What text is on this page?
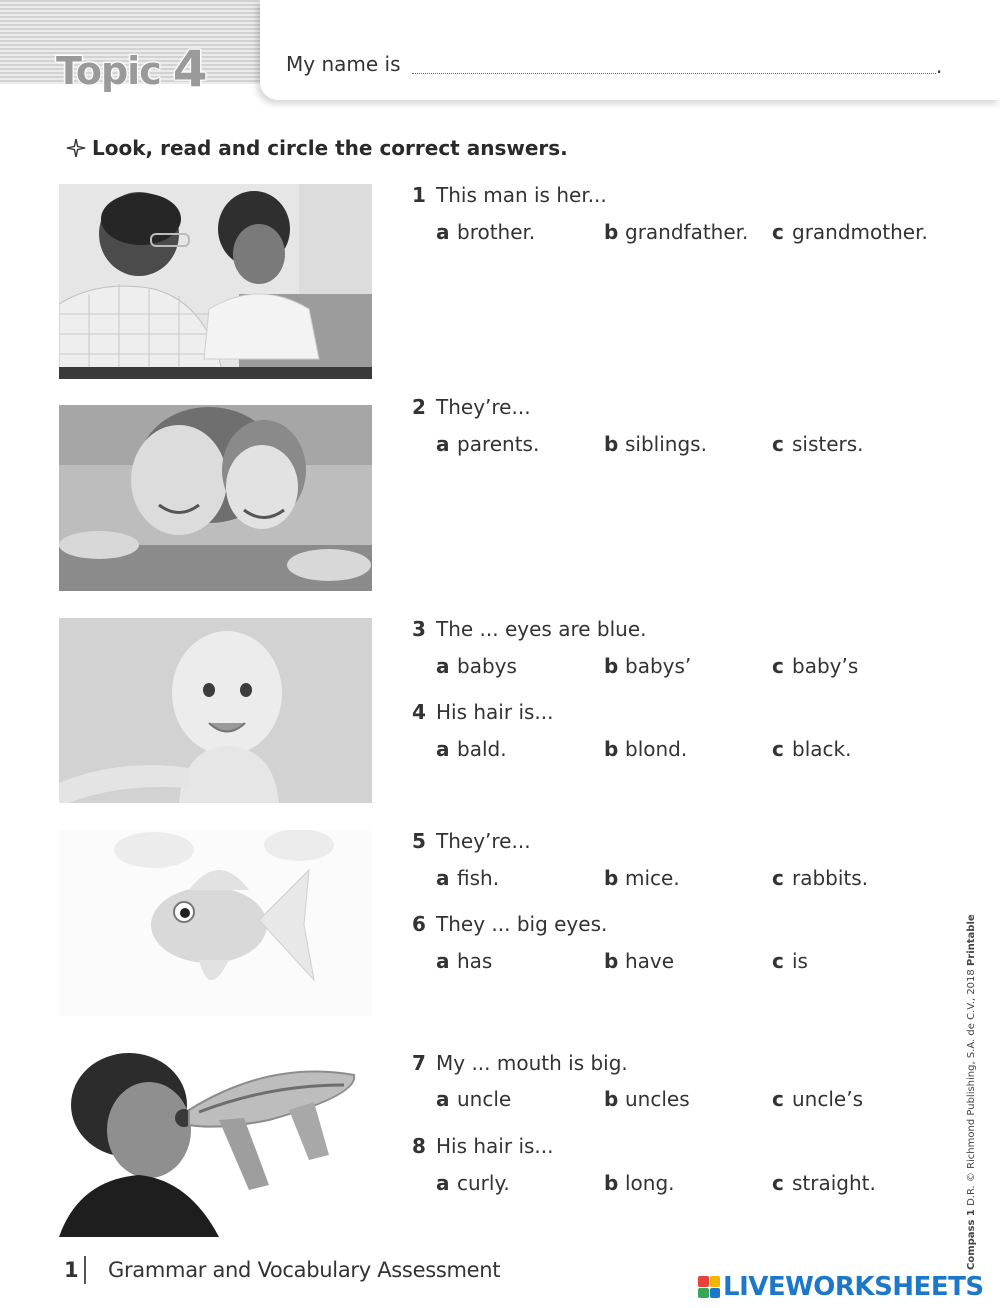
Topic 4	My name is	.
Look, read and circle the correct answers.
1 This man is her...
a brother.	b grandfather. c grandmother.
2 They’re...
a parents.	b siblings.	c sisters.
3 The ... eyes are blue.
a babys	b babys’	c baby’s
4 His hair is...
a bald.	b blond.	c black.
5 They’re...
a fish.	b mice.	c rabbits.
6 They ... big eyes.
a has	b have	c is
7 My ... mouth is big.
a uncle	b uncles	c uncle’s
8 His hair is...
a curly.	b long.	c straight.
1 Grammar and Vocabulary Assessment	Compass 1 D.R. © Richmond Publishing, S.A. de C.V., 2018 Printable
LIVEWORKSHEETS
